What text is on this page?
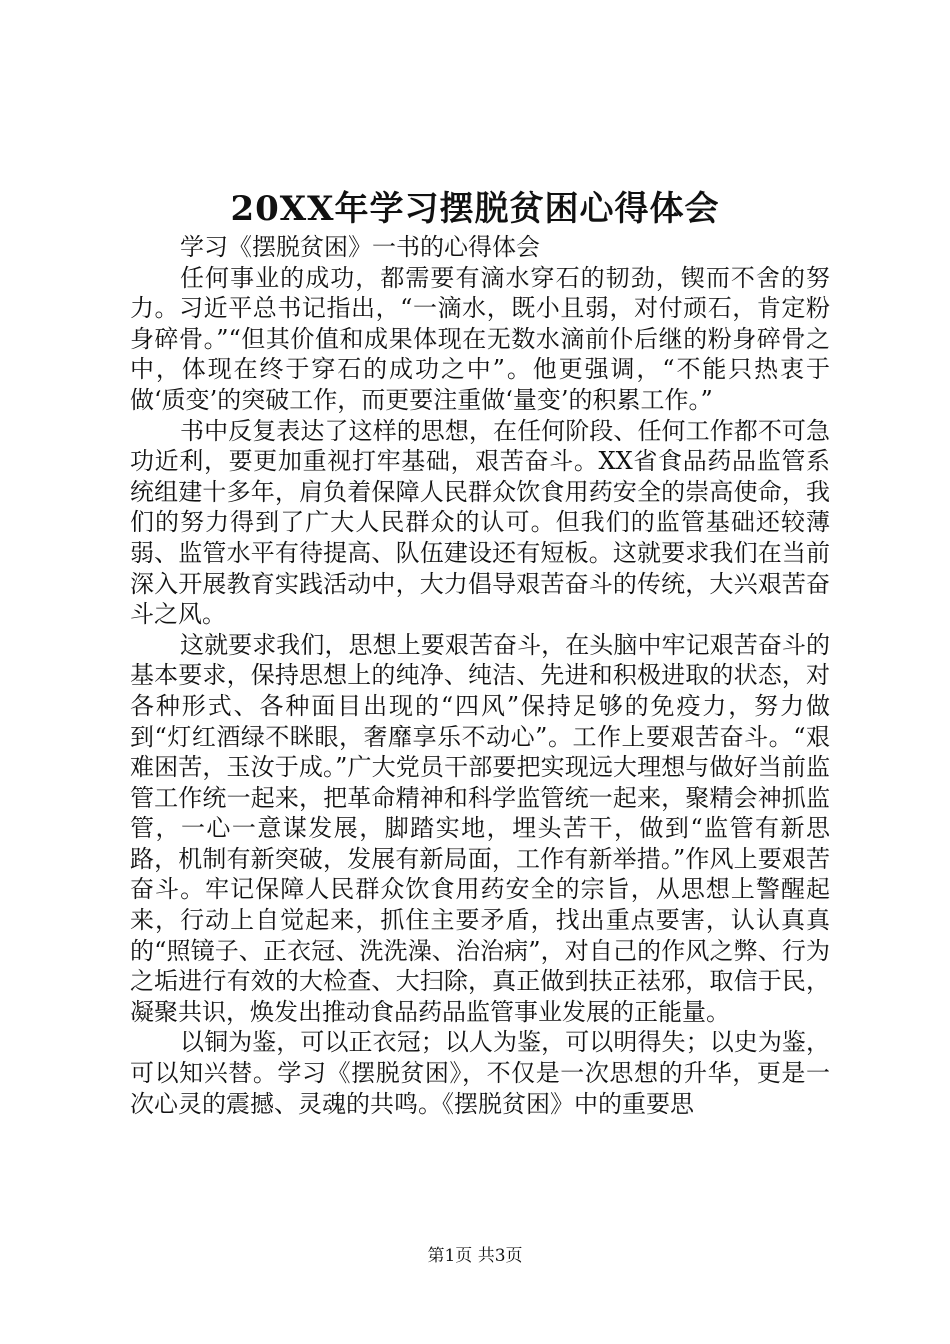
20XX年学习摆脱贫困心得体会

学习《摆脱贫困》一书的心得体会

任何事业的成功，都需要有滴水穿石的韧劲，锲而不舍的努力。习近平总书记指出，“一滴水，既小且弱，对付顽石，肯定粉身碎骨。”“但其价值和成果体现在无数水滴前仆后继的粉身碎骨之中，体现在终于穿石的成功之中”。他更强调，“不能只热衷于做‘质变’的突破工作，而更要注重做‘量变’的积累工作。”

书中反复表达了这样的思想，在任何阶段、任何工作都不可急功近利，要更加重视打牢基础，艰苦奋斗。XX省食品药品监管系统组建十多年，肩负着保障人民群众饮食用药安全的崇高使命，我们的努力得到了广大人民群众的认可。但我们的监管基础还较薄弱、监管水平有待提高、队伍建设还有短板。这就要求我们在当前深入开展教育实践活动中，大力倡导艰苦奋斗的传统，大兴艰苦奋斗之风。

这就要求我们，思想上要艰苦奋斗，在头脑中牢记艰苦奋斗的基本要求，保持思想上的纯净、纯洁、先进和积极进取的状态，对各种形式、各种面目出现的“四风”保持足够的免疫力，努力做到“灯红酒绿不眯眼，奢靡享乐不动心”。工作上要艰苦奋斗。“艰难困苦，玉汝于成。”广大党员干部要把实现远大理想与做好当前监管工作统一起来，把革命精神和科学监管统一起来，聚精会神抓监管，一心一意谋发展，脚踏实地，埋头苦干，做到“监管有新思路，机制有新突破，发展有新局面，工作有新举措。”作风上要艰苦奋斗。牢记保障人民群众饮食用药安全的宗旨，从思想上警醒起来，行动上自觉起来，抓住主要矛盾，找出重点要害，认认真真的“照镜子、正衣冠、洗洗澡、治治病”，对自己的作风之弊、行为之垢进行有效的大检查、大扫除，真正做到扶正祛邪，取信于民，凝聚共识，焕发出推动食品药品监管事业发展的正能量。

以铜为鉴，可以正衣冠；以人为鉴，可以明得失；以史为鉴，可以知兴替。学习《摆脱贫困》，不仅是一次思想的升华，更是一次心灵的震撼、灵魂的共鸣。《摆脱贫困》中的重要思

第1页 共3页
